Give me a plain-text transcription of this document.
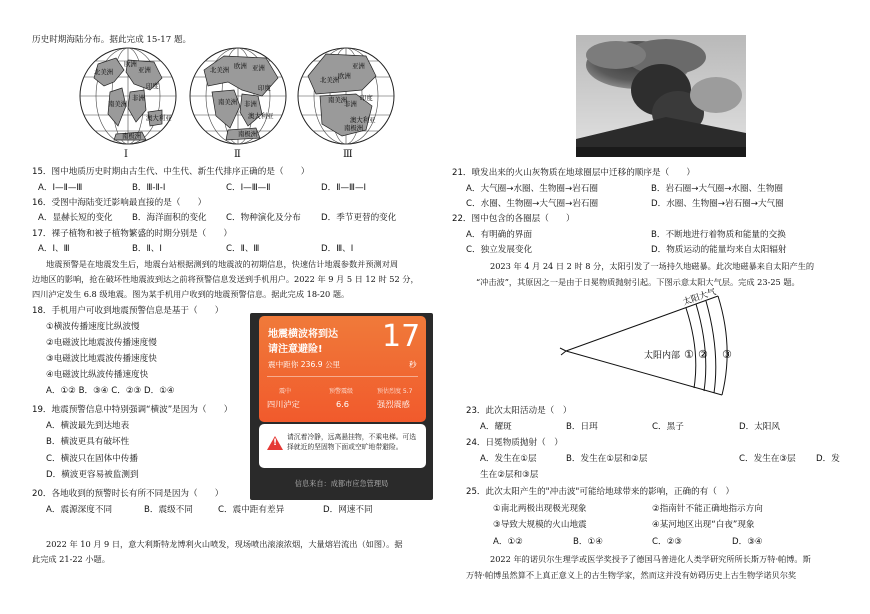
历史时期海陆分布。据此完成 15-17 题。
北美洲	亚洲
欧洲
非洲
南美洲
印度
澳大利亚
南极洲
北美洲	亚洲
欧洲
非洲
南美洲
印度
澳大利亚
南极洲
北美洲
亚洲
欧洲
非洲
南美洲 印度
澳大利亚
南极洲
Ⅰ	Ⅱ	Ⅲ
15．图中地质历史时期由古生代、中生代、新生代排序正确的是（　　）
A．Ⅰ—Ⅱ—Ⅲ	B．Ⅲ-Ⅱ-Ⅰ	C．Ⅰ—Ⅲ—Ⅱ	D．Ⅱ—Ⅲ—Ⅰ
16．受图中海陆变迁影响最直接的是（　　）
A．显赫长短的变化 B．海洋面积的变化 C．物种演化及分布 D．季节更替的变化
17．裸子植物和被子植物繁盛的时期分别是（　　）
A．Ⅰ、Ⅲ	B．Ⅱ、Ⅰ	C．Ⅱ、Ⅲ	D．Ⅲ、Ⅰ
地震预警是在地震发生后，地震台站根据测到的地震波的初期信息，快速估计地震参数并预测对周
边地区的影响，抢在破坏性地震波到达之前将预警信息发送到手机用户。2022 年 9 月 5 日 12 时 52 分，
四川泸定发生 6.8 级地震。图为某手机用户收到的地震预警信息。据此完成 18-20 题。
18．手机用户可收到地震预警信息是基于（　　）
①横波传播速度比纵波慢
②电磁波比地震波传播速度慢
③电磁波比地震波传播速度快
④电磁波比纵波传播速度快
A．①② B．③④ C．②③ D．①④
19．地震预警信息中特别强调“横波”是因为（　　）
A．横波最先到达地表
B．横波更具有破坏性
C．横波只在固体中传播
D．横波更容易被监测到
20．各地收到的预警时长有所不同是因为（　　）
A．震源深度不同	B．震级不同	C．震中距有差异	D．网速不同
2022 年 10 月 9 日，意大利斯特龙博利火山喷发，现场喷出滚滚浓烟，大量熔岩流出（如图）。据
此完成 21-22 小题。
信息来自：成都市应急管理局
地震横波将到达
请注意避险! 17
震中距你 236.9 公里	秒
震中
四川泸定
预警震级
6.6
预估烈度 5.7
强烈震感
!
请沉着冷静，远离悬挂物，不乘电梯。可选择就近的坚固物下面或空旷地带避险。
21．喷发出来的火山灰物质在地球圈层中迁移的顺序是（　　）
A．大气圈→水圈、生物圈→岩石圈	B．岩石圈→大气圈→水圈、生物圈
C．水圈、生物圈→大气圈→岩石圈	D．水圈、生物圈→岩石圈→大气圈
22．图中包含的各圈层（　　）
A．有明确的界面	B．不断地进行着物质和能量的交换
C．独立发展变化	D．物质运动的能量均来自太阳辐射
2023 年 4 月 24 日 2 时 8 分，太阳引发了一场持久地磁暴。此次地磁暴来自太阳产生的
“冲击波”，其原因之一是由于日冕物质抛射引起。下图示意太阳大气层。完成 23-25 题。
太阳内部 ① ② ③
太阳大气
23．此次太阳活动是（　）
A．耀斑	B．日珥	C．黑子	D．太阳风
24．日冕物质抛射（　）
A．发生在①层	B．发生在①层和②层	C．发生在③层 D．发
生在②层和③层
25．此次太阳产生的"冲击波"可能给地球带来的影响，正确的有（　）
①南北两极出现极光现象	②指南针不能正确地指示方向
③导致大规模的火山地震	④某河地区出现“白夜”现象
A．①②	B．①④	C．②③	D．③④
2022 年的诺贝尔生理学或医学奖授予了德国马普进化人类学研究所所长斯万特·帕博。斯
万特·帕博虽然算不上真正意义上的古生物学家，然而这并没有妨碍历史上古生物学诺贝尔奖
